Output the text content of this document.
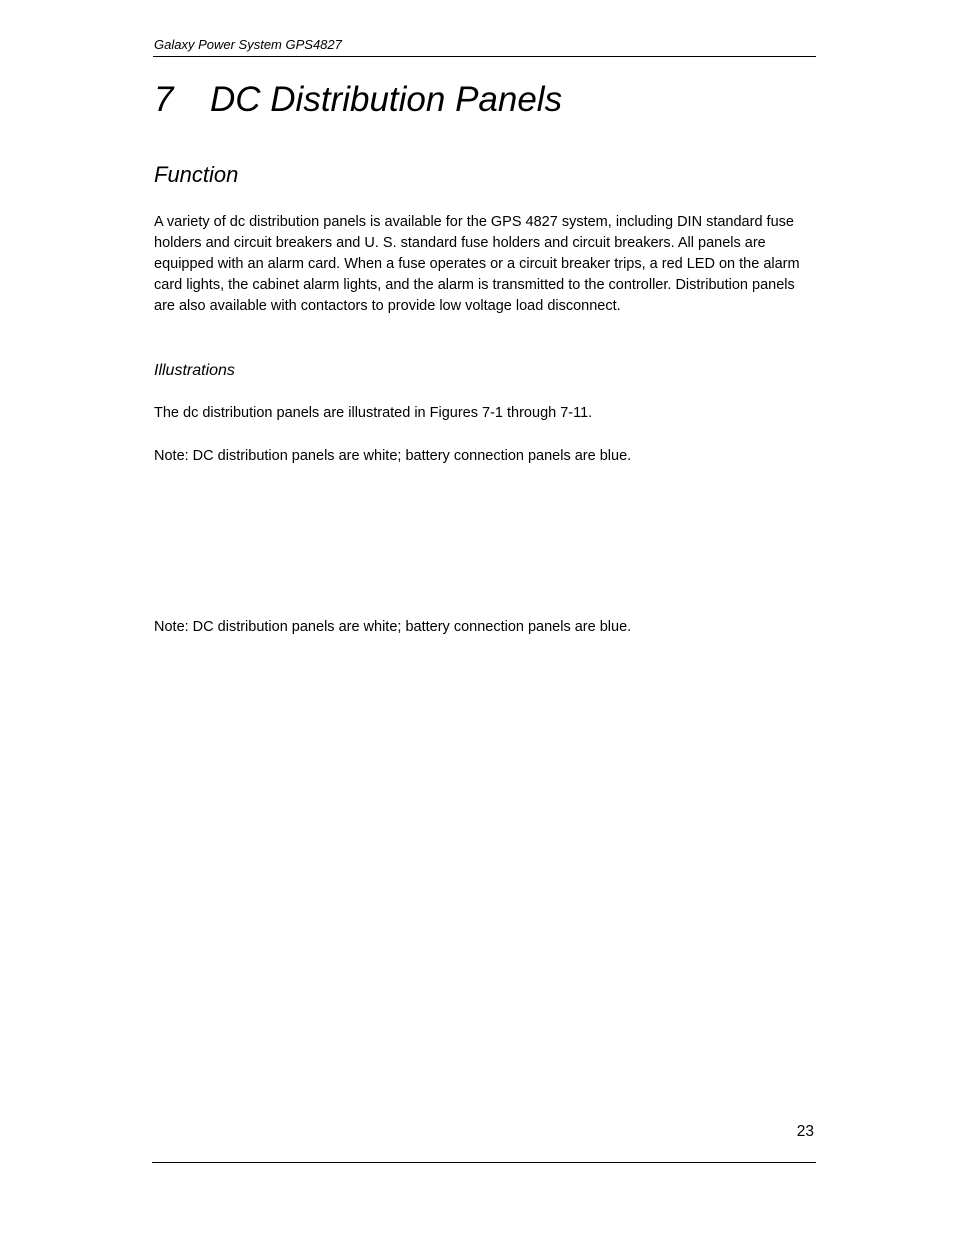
Galaxy Power System GPS4827
7 DC Distribution Panels
Function
A variety of dc distribution panels is available for the GPS 4827 system, including DIN standard fuse holders and circuit breakers and U. S. standard fuse holders and circuit breakers. All panels are equipped with an alarm card. When a fuse operates or a circuit breaker trips, a red LED on the alarm card lights, the cabinet alarm lights, and the alarm is transmitted to the controller. Distribution panels are also available with contactors to provide low voltage load disconnect.
Illustrations
The dc distribution panels are illustrated in Figures 7-1 through 7-11.
Note: DC distribution panels are white; battery connection panels are blue.
Note: DC distribution panels are white; battery connection panels are blue.
23
